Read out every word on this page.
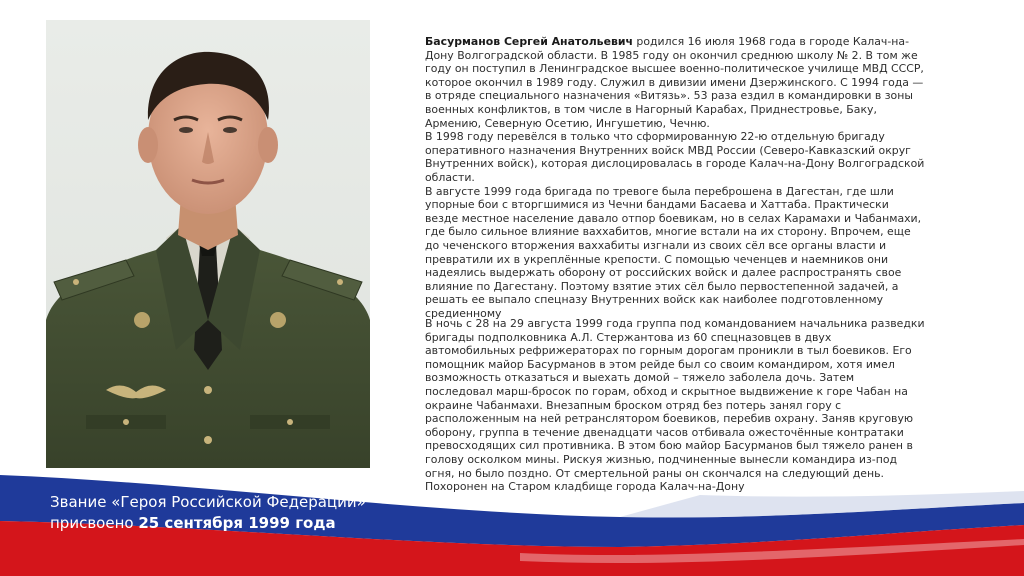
Басурманов Сергей Анатольевич родился 16 июля 1968 года в городе Калач-на-Дону Волгоградской области. В 1985 году он окончил среднюю школу № 2. В том же году он поступил в Ленинградское высшее военно-политическое училище МВД СССР, которое окончил в 1989 году. Служил в дивизии имени Дзержинского. С 1994 года — в отряде специального назначения «Витязь». 53 раза ездил в командировки в зоны военных конфликтов, в том числе в Нагорный Карабах, Приднестровье, Баку, Армению, Северную Осетию, Ингушетию, Чечню.

В 1998 году перевёлся в только что сформированную 22-ю отдельную бригаду оперативного назначения Внутренних войск МВД России (Северо-Кавказский округ Внутренних войск), которая дислоцировалась в городе Калач-на-Дону Волгоградской области.

В августе 1999 года бригада по тревоге была переброшена в Дагестан, где шли упорные бои с вторгшимися из Чечни бандами Басаева и Хаттаба. Практически везде местное население давало отпор боевикам, но в селах Карамахи и Чабанмахи, где было сильное влияние ваххабитов, многие встали на их сторону. Впрочем, еще до чеченского вторжения ваххабиты изгнали из своих сёл все органы власти и превратили их в укреплённые крепости. С помощью чеченцев и наемников они надеялись выдержать оборону от российских войск и далее распространять свое влияние по Дагестану. Поэтому взятие этих сёл было первостепенной задачей, а решать ее выпало спецназу Внутренних войск как наиболее подготовленному средиенному

В ночь с 28 на 29 августа 1999 года группа под командованием начальника разведки бригады подполковника А.Л. Стержантова из 60 спецназовцев в двух автомобильных рефрижераторах по горным дорогам проникли в тыл боевиков. Его помощник майор Басурманов в этом рейде был со своим командиром, хотя имел возможность отказаться и выехать домой – тяжело заболела дочь. Затем последовал марш-бросок по горам, обход и скрытное выдвижение к горе Чабан на окраине Чабанмахи. Внезапным броском отряд без потерь занял гору с расположенным на ней ретранслятором боевиков, перебив охрану. Заняв круговую оборону, группа в течение двенадцати часов отбивала ожесточённые контратаки превосходящих сил противника. В этом бою майор Басурманов был тяжело ранен в голову осколком мины. Рискуя жизнью, подчиненные вынесли командира из-под огня, но было поздно. От смертельной раны он скончался на следующий день. Похоронен на Старом кладбище города Калач-на-Дону

Звание «Героя Российской Федерации»
присвоено 25 сентября 1999 года
